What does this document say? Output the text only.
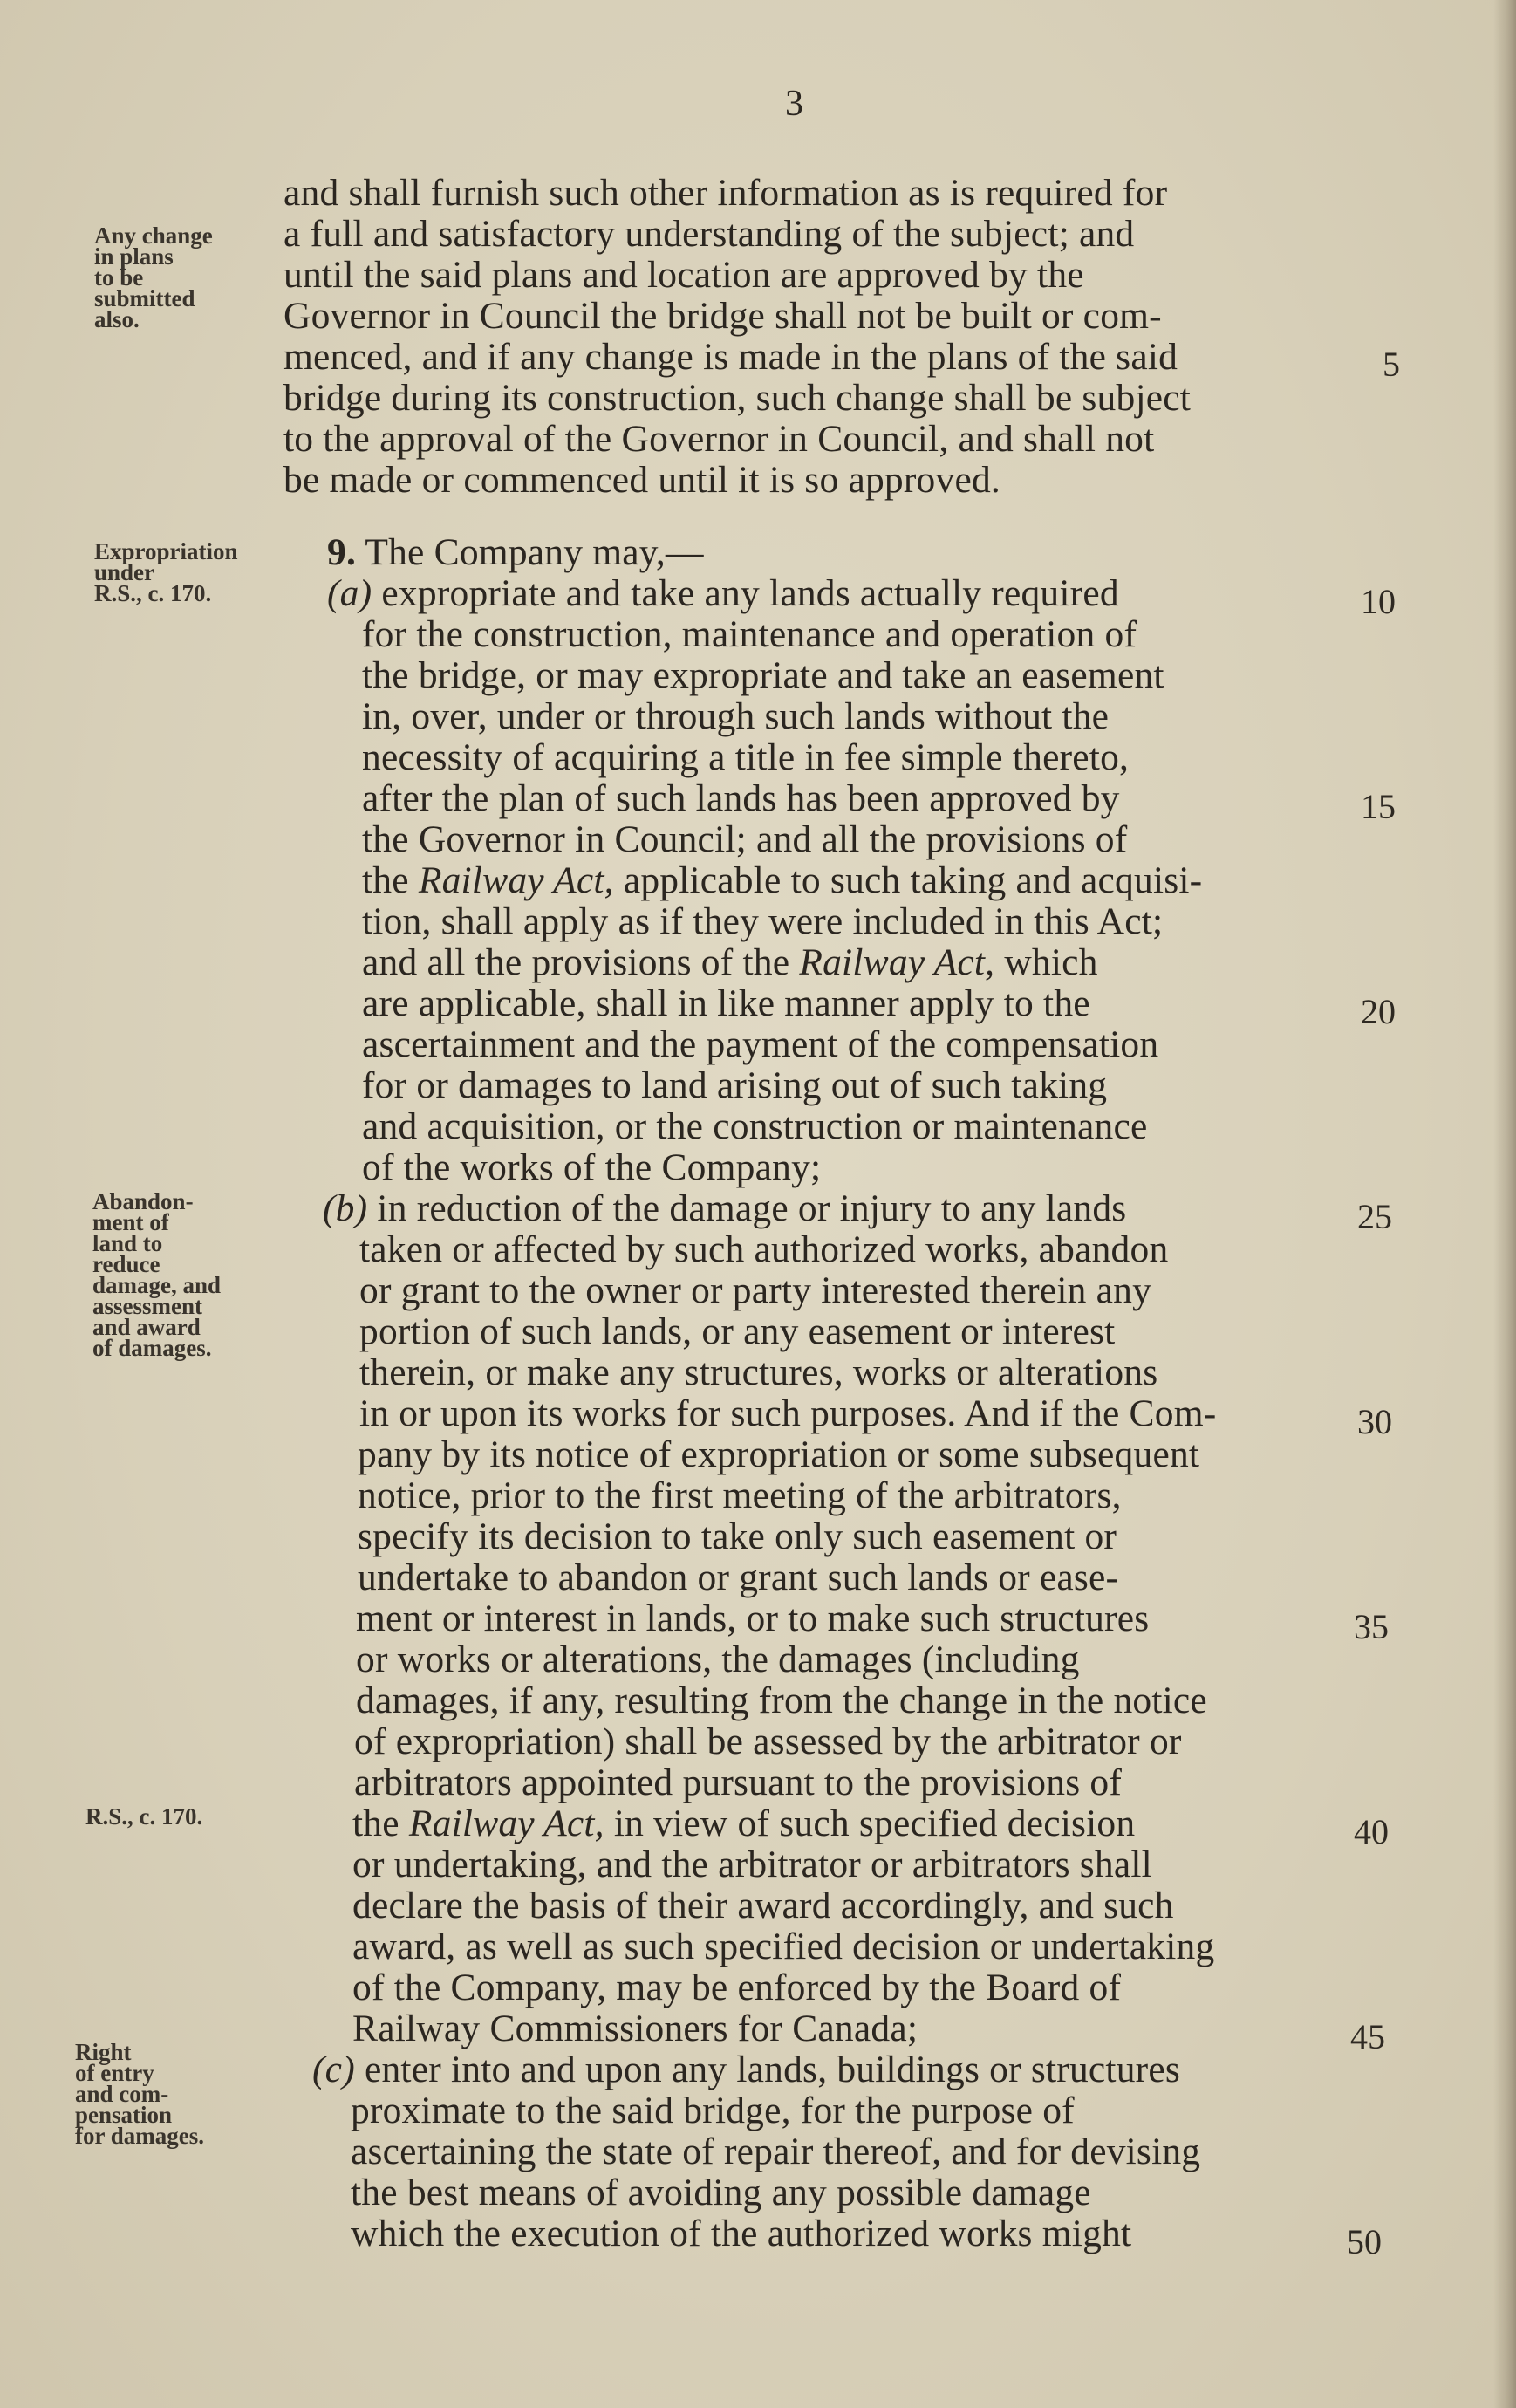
3
Any change
in plans
to be
submitted
also.
Expropriation
under
R.S., c. 170.
Abandon-
ment of
land to
reduce
damage, and
assessment
and award
of damages.
R.S., c. 170.
Right
of entry
and com-
pensation
for damages.
and shall furnish such other information as is required for
a full and satisfactory understanding of the subject; and
until the said plans and location are approved by the
Governor in Council the bridge shall not be built or com-
menced, and if any change is made in the plans of the said
bridge during its construction, such change shall be subject
to the approval of the Governor in Council, and shall not
be made or commenced until it is so approved.
9. The Company may,—
(a) expropriate and take any lands actually required
for the construction, maintenance and operation of
the bridge, or may expropriate and take an easement
in, over, under or through such lands without the
necessity of acquiring a title in fee simple thereto,
after the plan of such lands has been approved by
the Governor in Council; and all the provisions of
the Railway Act, applicable to such taking and acquisi-
tion, shall apply as if they were included in this Act;
and all the provisions of the Railway Act, which
are applicable, shall in like manner apply to the
ascertainment and the payment of the compensation
for or damages to land arising out of such taking
and acquisition, or the construction or maintenance
of the works of the Company;
(b) in reduction of the damage or injury to any lands
taken or affected by such authorized works, abandon
or grant to the owner or party interested therein any
portion of such lands, or any easement or interest
therein, or make any structures, works or alterations
in or upon its works for such purposes. And if the Com-
pany by its notice of expropriation or some subsequent
notice, prior to the first meeting of the arbitrators,
specify its decision to take only such easement or
undertake to abandon or grant such lands or ease-
ment or interest in lands, or to make such structures
or works or alterations, the damages (including
damages, if any, resulting from the change in the notice
of expropriation) shall be assessed by the arbitrator or
arbitrators appointed pursuant to the provisions of
the Railway Act, in view of such specified decision
or undertaking, and the arbitrator or arbitrators shall
declare the basis of their award accordingly, and such
award, as well as such specified decision or undertaking
of the Company, may be enforced by the Board of
Railway Commissioners for Canada;
(c) enter into and upon any lands, buildings or structures
proximate to the said bridge, for the purpose of
ascertaining the state of repair thereof, and for devising
the best means of avoiding any possible damage
which the execution of the authorized works might
5
10
15
20
25
30
35
40
45
50
